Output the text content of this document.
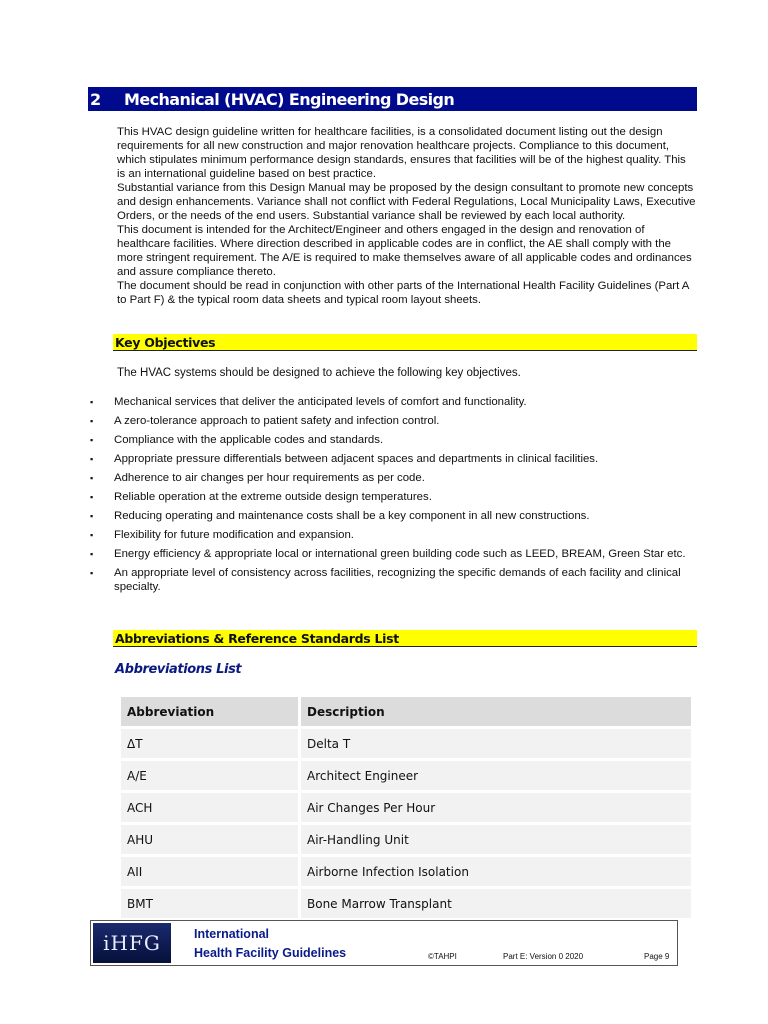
2	Mechanical (HVAC) Engineering Design

This HVAC design guideline written for healthcare facilities, is a consolidated document listing out the design requirements for all new construction and major renovation healthcare projects. Compliance to this document, which stipulates minimum performance design standards, ensures that facilities will be of the highest quality. This is an international guideline based on best practice.

Substantial variance from this Design Manual may be proposed by the design consultant to promote new concepts and design enhancements. Variance shall not conflict with Federal Regulations, Local Municipality Laws, Executive Orders, or the needs of the end users. Substantial variance shall be reviewed by each local authority.

This document is intended for the Architect/Engineer and others engaged in the design and renovation of healthcare facilities. Where direction described in applicable codes are in conflict, the AE shall comply with the more stringent requirement. The A/E is required to make themselves aware of all applicable codes and ordinances and assure compliance thereto.

The document should be read in conjunction with other parts of the International Health Facility Guidelines (Part A to Part F) & the typical room data sheets and typical room layout sheets.

Key Objectives
The HVAC systems should be designed to achieve the following key objectives.
▪ Mechanical services that deliver the anticipated levels of comfort and functionality.
▪ A zero-tolerance approach to patient safety and infection control.
▪ Compliance with the applicable codes and standards.
▪ Appropriate pressure differentials between adjacent spaces and departments in clinical facilities.
▪ Adherence to air changes per hour requirements as per code.
▪ Reliable operation at the extreme outside design temperatures.
▪ Reducing operating and maintenance costs shall be a key component in all new constructions.
▪ Flexibility for future modification and expansion.
▪ Energy efficiency & appropriate local or international green building code such as LEED, BREAM, Green Star etc.
▪ An appropriate level of consistency across facilities, recognizing the specific demands of each facility and clinical specialty.
Abbreviations & Reference Standards List
Abbreviations List
Abbreviation	Description
ΔT	Delta T
A/E	Architect Engineer
ACH	Air Changes Per Hour
AHU	Air-Handling Unit
AII	Airborne Infection Isolation
BMT	Bone Marrow Transplant
iHFG	International
Health Facility Guidelines	©TAHPI	Part E: Version 0 2020	Page 9
